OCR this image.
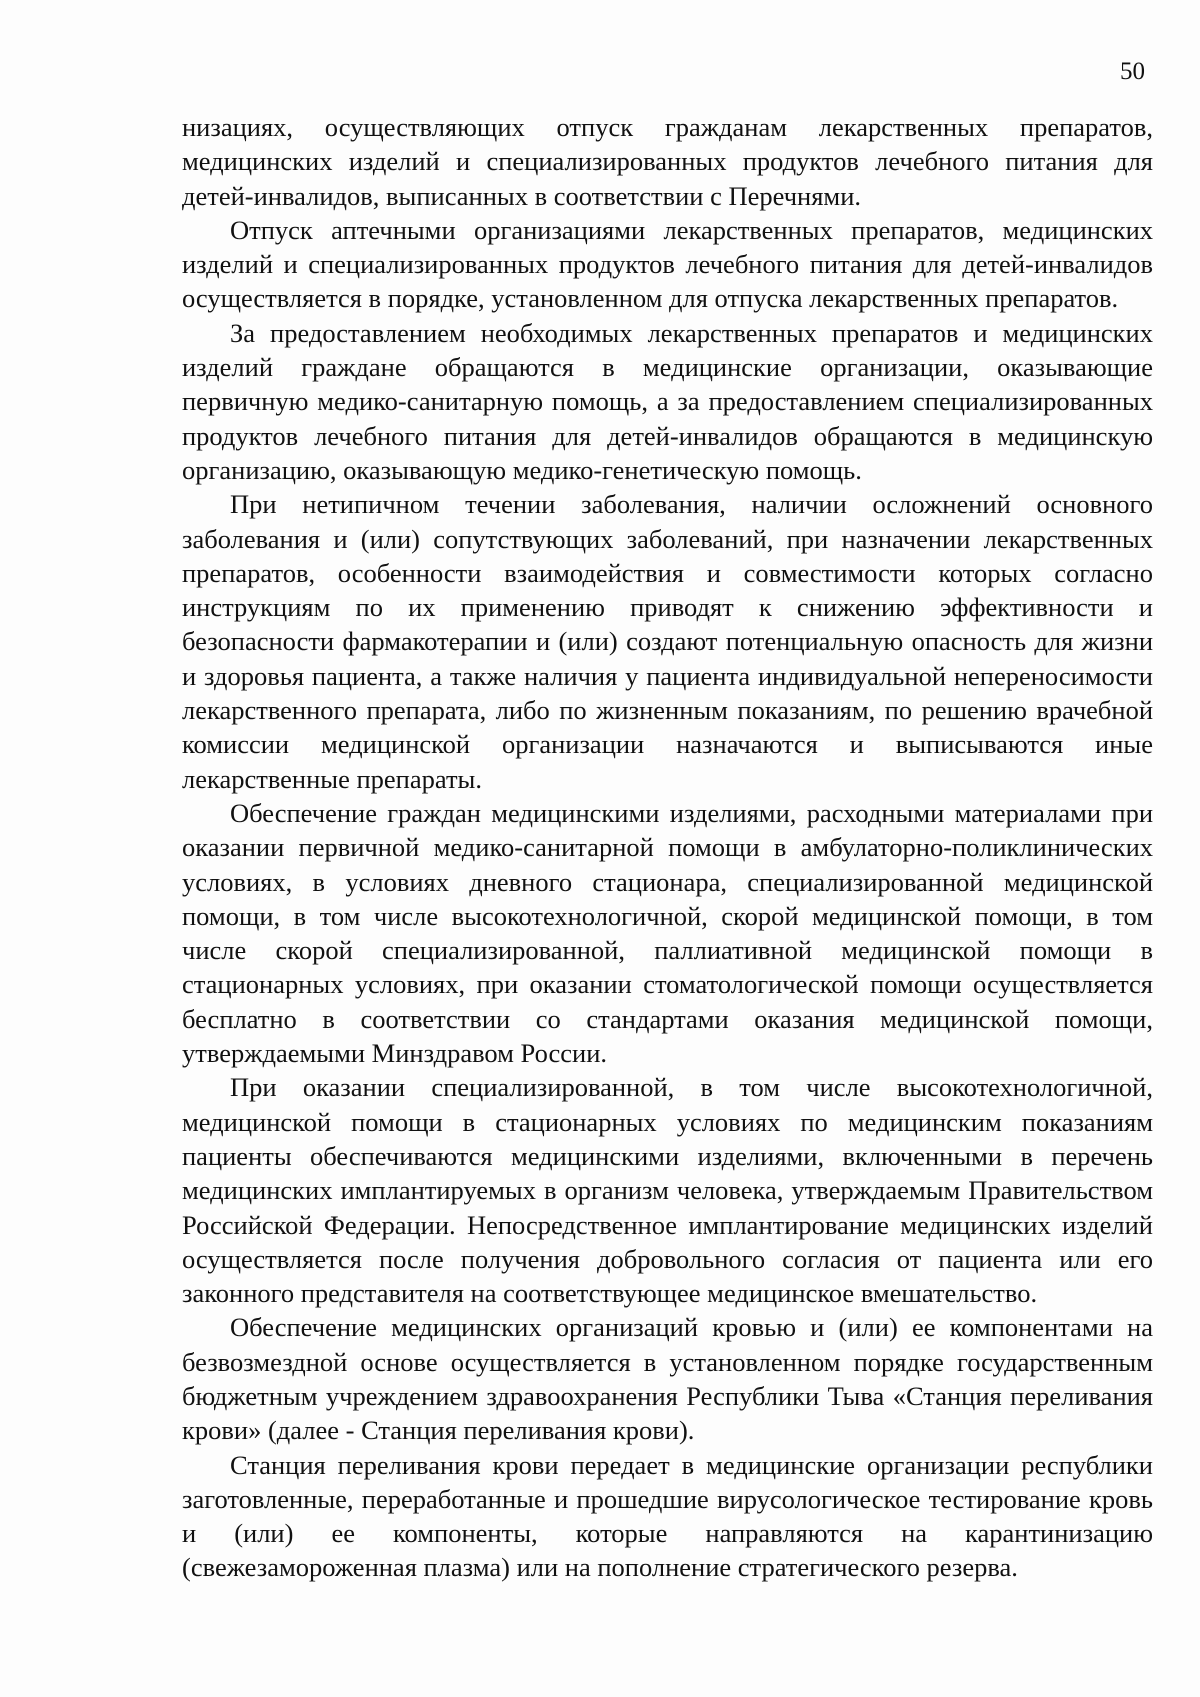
50

низациях, осуществляющих отпуск гражданам лекарственных препаратов, медицинских изделий и специализированных продуктов лечебного питания для детей-инвалидов, выписанных в соответствии с Перечнями.

Отпуск аптечными организациями лекарственных препаратов, медицинских изделий и специализированных продуктов лечебного питания для детей-инвалидов осуществляется в порядке, установленном для отпуска лекарственных препаратов.

За предоставлением необходимых лекарственных препаратов и медицинских изделий граждане обращаются в медицинские организации, оказывающие первичную медико-санитарную помощь, а за предоставлением специализированных продуктов лечебного питания для детей-инвалидов обращаются в медицинскую организацию, оказывающую медико-генетическую помощь.

При нетипичном течении заболевания, наличии осложнений основного заболевания и (или) сопутствующих заболеваний, при назначении лекарственных препаратов, особенности взаимодействия и совместимости которых согласно инструкциям по их применению приводят к снижению эффективности и безопасности фармакотерапии и (или) создают потенциальную опасность для жизни и здоровья пациента, а также наличия у пациента индивидуальной непереносимости лекарственного препарата, либо по жизненным показаниям, по решению врачебной комиссии медицинской организации назначаются и выписываются иные лекарственные препараты.

Обеспечение граждан медицинскими изделиями, расходными материалами при оказании первичной медико-санитарной помощи в амбулаторно-поликлинических условиях, в условиях дневного стационара, специализированной медицинской помощи, в том числе высокотехнологичной, скорой медицинской помощи, в том числе скорой специализированной, паллиативной медицинской помощи в стационарных условиях, при оказании стоматологической помощи осуществляется бесплатно в соответствии со стандартами оказания медицинской помощи, утверждаемыми Минздравом России.

При оказании специализированной, в том числе высокотехнологичной, медицинской помощи в стационарных условиях по медицинским показаниям пациенты обеспечиваются медицинскими изделиями, включенными в перечень медицинских имплантируемых в организм человека, утверждаемым Правительством Российской Федерации. Непосредственное имплантирование медицинских изделий осуществляется после получения добровольного согласия от пациента или его законного представителя на соответствующее медицинское вмешательство.

Обеспечение медицинских организаций кровью и (или) ее компонентами на безвозмездной основе осуществляется в установленном порядке государственным бюджетным учреждением здравоохранения Республики Тыва «Станция переливания крови» (далее - Станция переливания крови).

Станция переливания крови передает в медицинские организации республики заготовленные, переработанные и прошедшие вирусологическое тестирование кровь и (или) ее компоненты, которые направляются на карантинизацию (свежезамороженная плазма) или на пополнение стратегического резерва.
